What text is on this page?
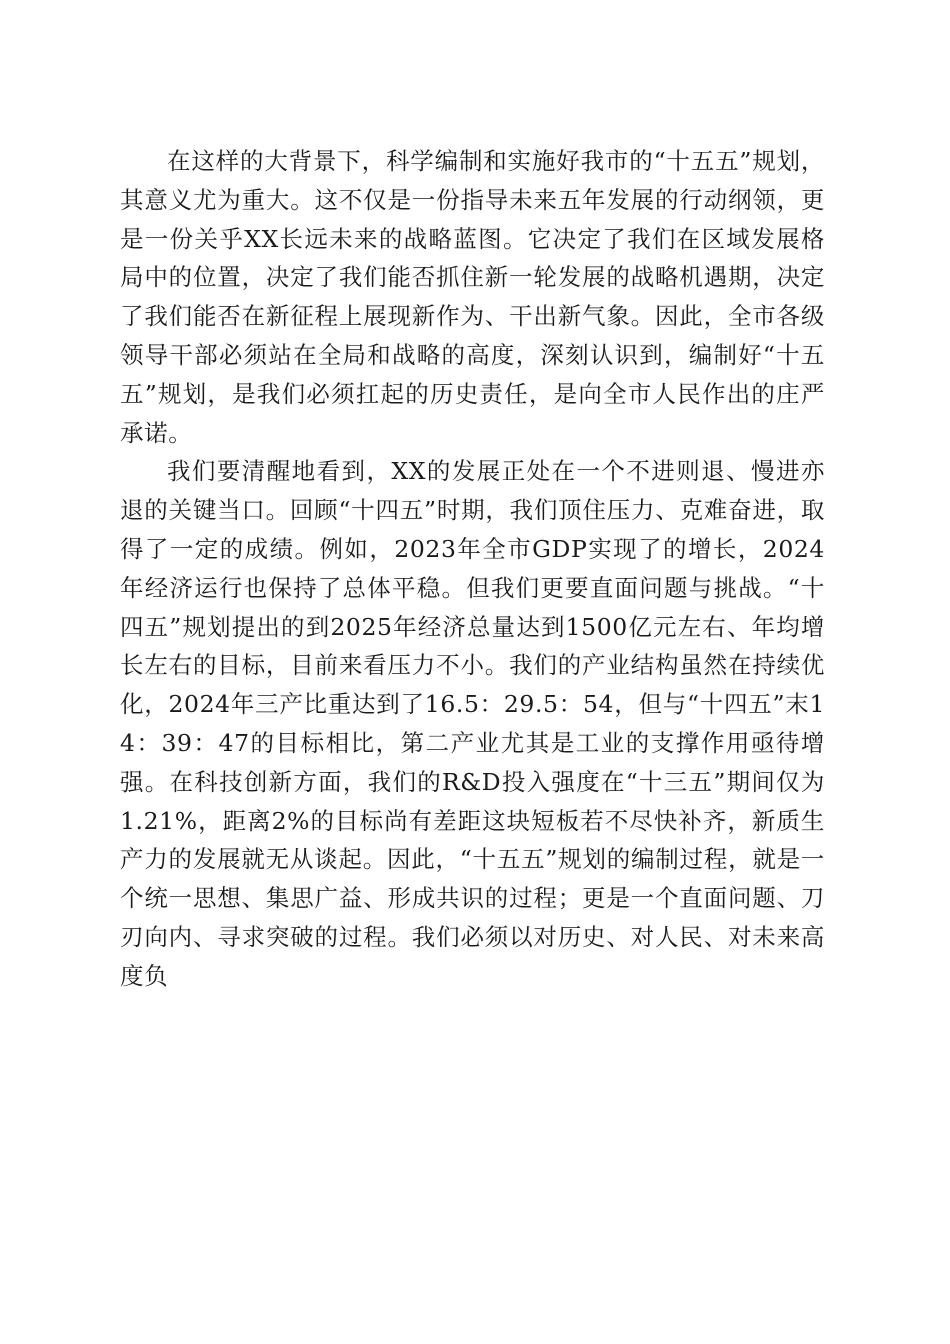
在这样的大背景下，科学编制和实施好我市的“十五五”规划，其意义尤为重大。这不仅是一份指导未来五年发展的行动纲领，更是一份关乎XX长远未来的战略蓝图。它决定了我们在区域发展格局中的位置，决定了我们能否抓住新一轮发展的战略机遇期，决定了我们能否在新征程上展现新作为、干出新气象。因此，全市各级领导干部必须站在全局和战略的高度，深刻认识到，编制好“十五五”规划，是我们必须扛起的历史责任，是向全市人民作出的庄严承诺。

我们要清醒地看到，XX的发展正处在一个不进则退、慢进亦退的关键当口。回顾“十四五”时期，我们顶住压力、克难奋进，取得了一定的成绩。例如，2023年全市GDP实现了的增长，2024年经济运行也保持了总体平稳。但我们更要直面问题与挑战。“十四五”规划提出的到2025年经济总量达到1500亿元左右、年均增长左右的目标，目前来看压力不小。我们的产业结构虽然在持续优化，2024年三产比重达到了16.5：29.5：54，但与“十四五”末14：39：47的目标相比，第二产业尤其是工业的支撑作用亟待增强。在科技创新方面，我们的R&D投入强度在“十三五”期间仅为1.21%，距离2%的目标尚有差距这块短板若不尽快补齐，新质生产力的发展就无从谈起。因此，“十五五”规划的编制过程，就是一个统一思想、集思广益、形成共识的过程；更是一个直面问题、刀刃向内、寻求突破的过程。我们必须以对历史、对人民、对未来高度负
